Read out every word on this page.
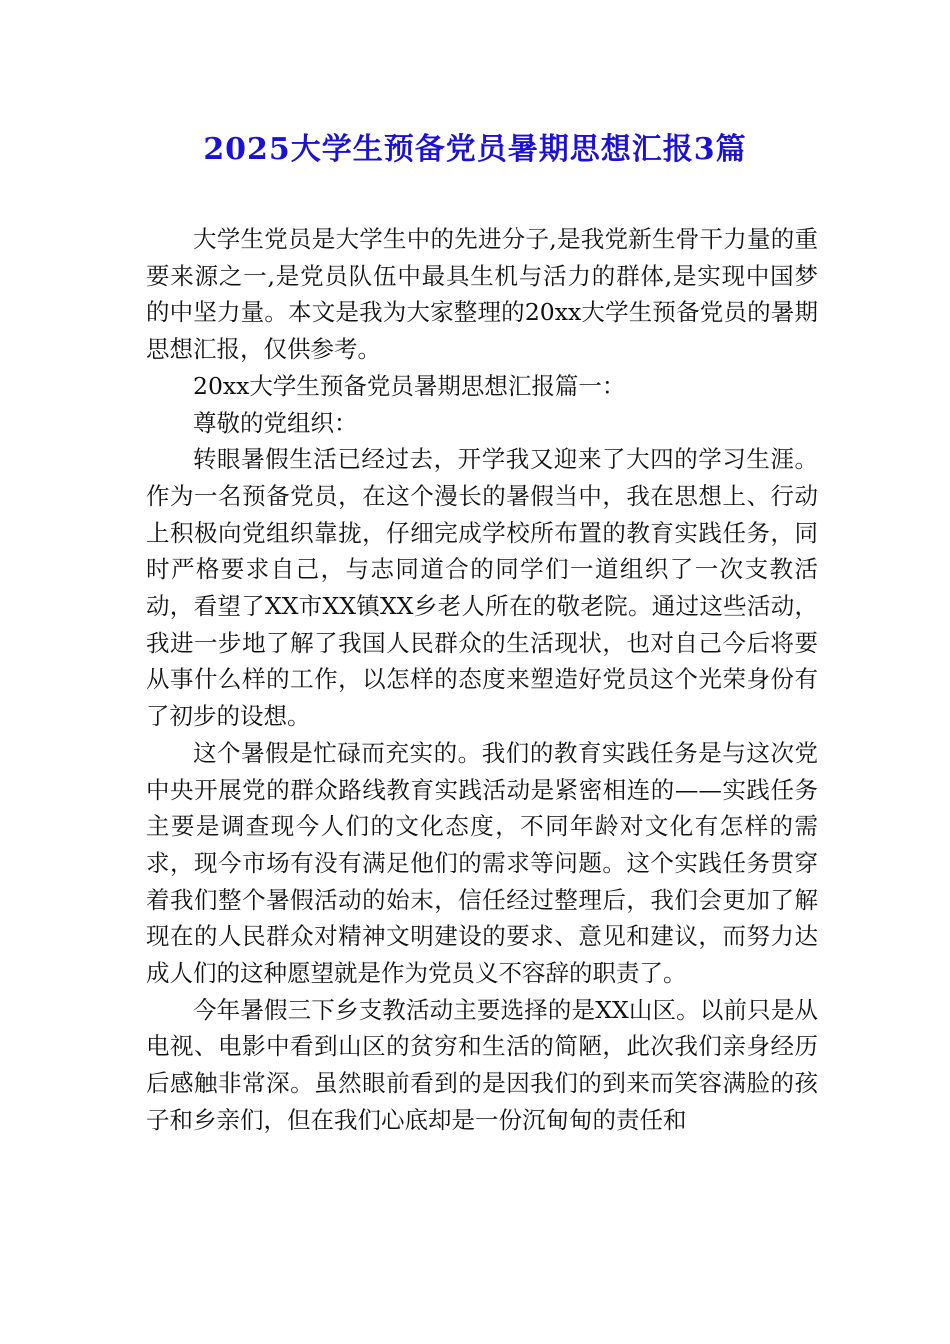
2025大学生预备党员暑期思想汇报3篇

大学生党员是大学生中的先进分子,是我党新生骨干力量的重要来源之一,是党员队伍中最具生机与活力的群体,是实现中国梦的中坚力量。本文是我为大家整理的20xx大学生预备党员的暑期思想汇报，仅供参考。

20xx大学生预备党员暑期思想汇报篇一：

尊敬的党组织：

转眼暑假生活已经过去，开学我又迎来了大四的学习生涯。作为一名预备党员，在这个漫长的暑假当中，我在思想上、行动上积极向党组织靠拢，仔细完成学校所布置的教育实践任务，同时严格要求自己，与志同道合的同学们一道组织了一次支教活动，看望了XX市XX镇XX乡老人所在的敬老院。通过这些活动，我进一步地了解了我国人民群众的生活现状，也对自己今后将要从事什么样的工作，以怎样的态度来塑造好党员这个光荣身份有了初步的设想。

这个暑假是忙碌而充实的。我们的教育实践任务是与这次党中央开展党的群众路线教育实践活动是紧密相连的——实践任务主要是调查现今人们的文化态度，不同年龄对文化有怎样的需求，现今市场有没有满足他们的需求等问题。这个实践任务贯穿着我们整个暑假活动的始末，信任经过整理后，我们会更加了解现在的人民群众对精神文明建设的要求、意见和建议，而努力达成人们的这种愿望就是作为党员义不容辞的职责了。

今年暑假三下乡支教活动主要选择的是XX山区。以前只是从电视、电影中看到山区的贫穷和生活的简陋，此次我们亲身经历后感触非常深。虽然眼前看到的是因我们的到来而笑容满脸的孩子和乡亲们，但在我们心底却是一份沉甸甸的责任和
